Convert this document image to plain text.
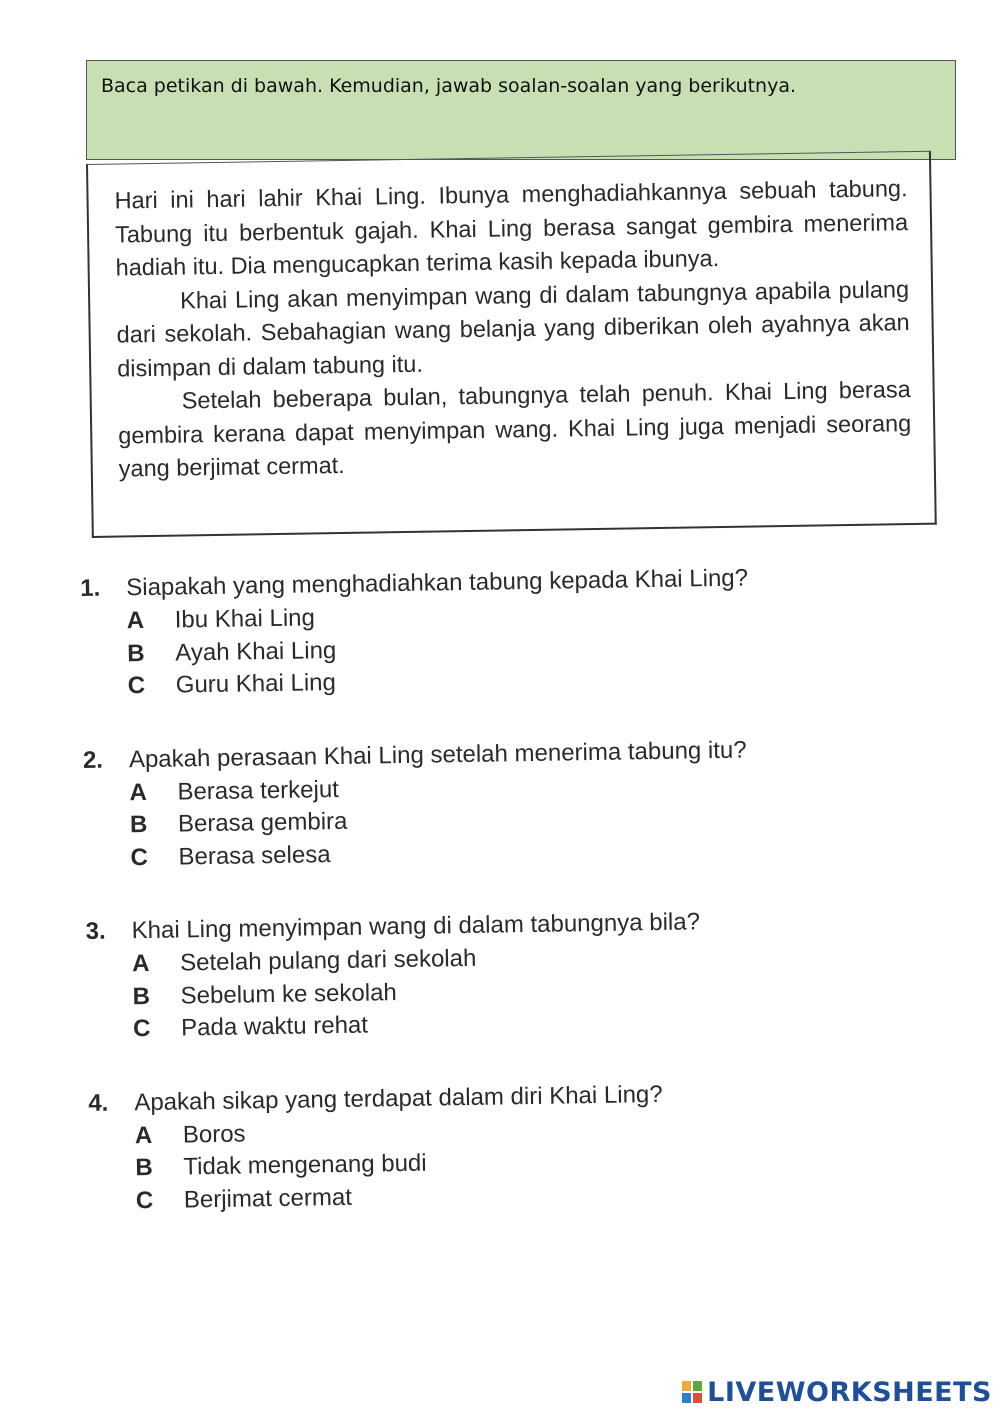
Baca petikan di bawah. Kemudian, jawab soalan-soalan yang berikutnya.

Hari ini hari lahir Khai Ling. Ibunya menghadiahkannya sebuah tabung. Tabung itu berbentuk gajah. Khai Ling berasa sangat gembira menerima hadiah itu. Dia mengucapkan terima kasih kepada ibunya.

Khai Ling akan menyimpan wang di dalam tabungnya apabila pulang dari sekolah. Sebahagian wang belanja yang diberikan oleh ayahnya akan disimpan di dalam tabung itu.

Setelah beberapa bulan, tabungnya telah penuh. Khai Ling berasa gembira kerana dapat menyimpan wang. Khai Ling juga menjadi seorang yang berjimat cermat.

1.	Siapakah yang menghadiahkan tabung kepada Khai Ling?
A	Ibu Khai Ling
B	Ayah Khai Ling
C	Guru Khai Ling
2.	Apakah perasaan Khai Ling setelah menerima tabung itu?
A	Berasa terkejut
B	Berasa gembira
C	Berasa selesa
3.	Khai Ling menyimpan wang di dalam tabungnya bila?
A	Setelah pulang dari sekolah
B	Sebelum ke sekolah
C	Pada waktu rehat
4.	Apakah sikap yang terdapat dalam diri Khai Ling?
A	Boros
B	Tidak mengenang budi
C	Berjimat cermat
LIVEWORKSHEETS
